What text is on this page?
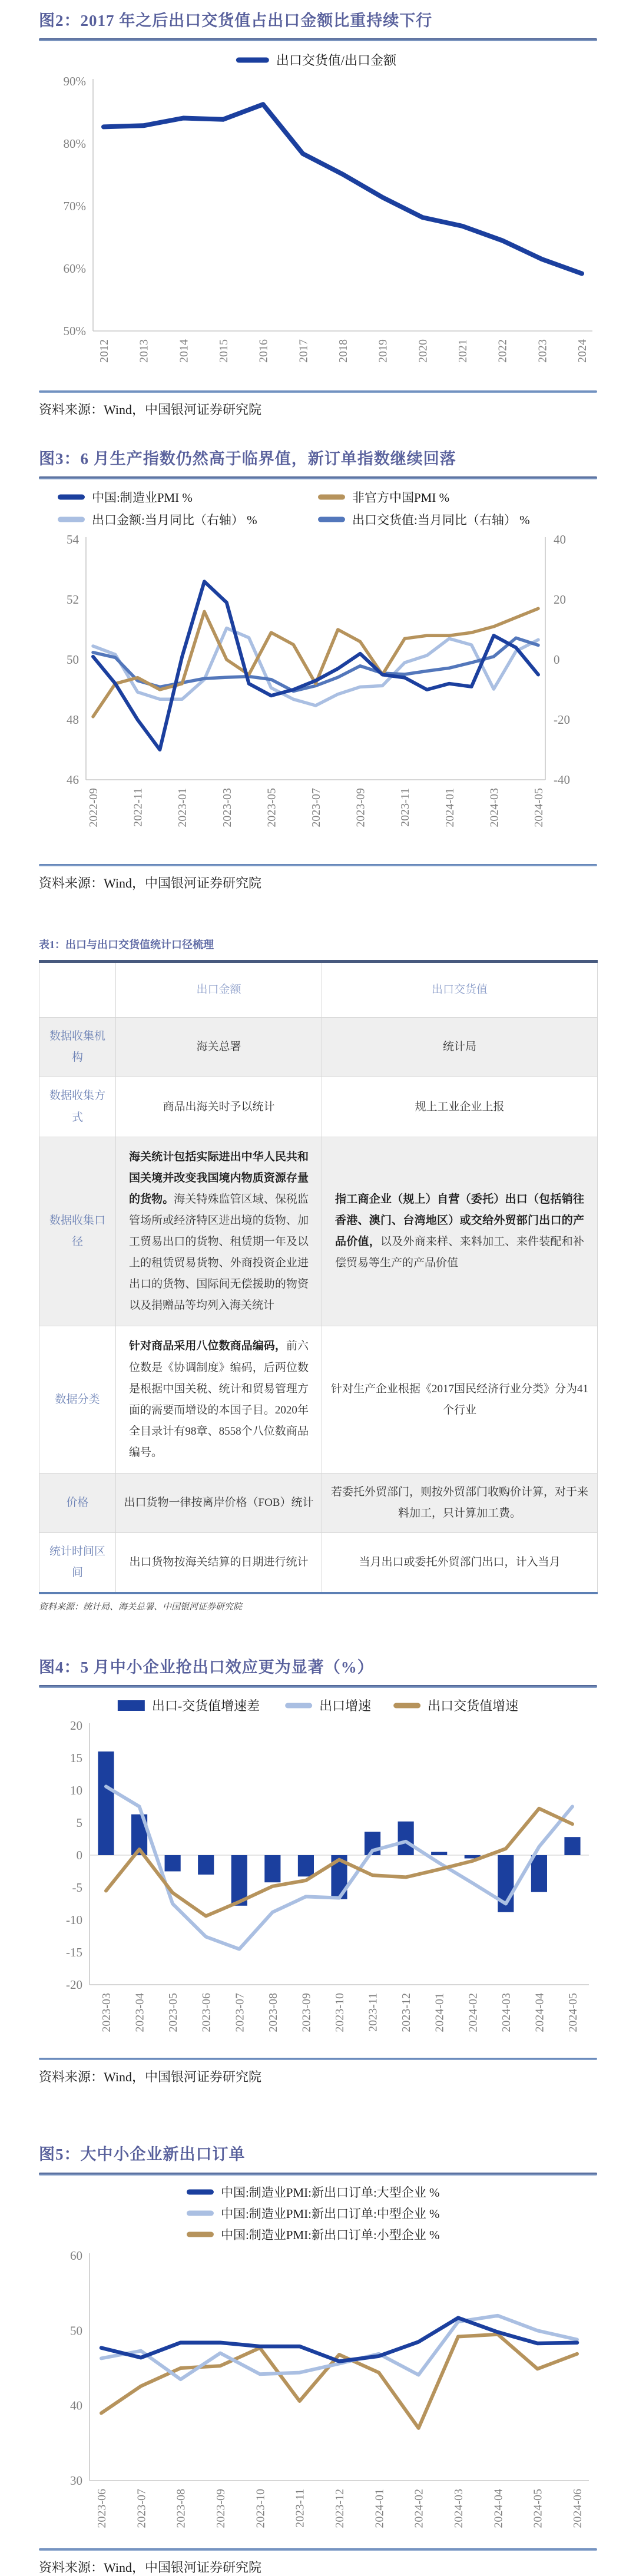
图2：2017 年之后出口交货值占出口金额比重持续下行
90%
80%
70%
60%
50%
2012 2013 2014 2015 2016 2017 2018 2019 2020 2021 2022 2023 2024
出口交货值/出口金额

资料来源：Wind，中国银河证券研究院

图3：6 月生产指数仍然高于临界值，新订单指数继续回落
54
52
50
48
46
40
20
0
-20
-40
2022-09	2022-11	2023-01	2023-03	2023-05	2023-07	2023-09	2023-11	2024-01	2024-03	2024-05
中国:制造业PMI %	非官方中国PMI %
出口金额:当月同比（右轴） %	出口交货值:当月同比（右轴） %

资料来源：Wind，中国银河证券研究院

表1：出口与出口交货值统计口径梳理
	出口金额	出口交货值
数据收集机构	海关总署	统计局
数据收集方式	商品出海关时予以统计	规上工业企业上报
数据收集口径	海关统计包括实际进出中华人民共和国关境并改变我国境内物质资源存量的货物。海关特殊监管区域、保税监管场所或经济特区进出境的货物、加工贸易出口的货物、租赁期一年及以上的租赁贸易货物、外商投资企业进出口的货物、国际间无偿援助的物资以及捐赠品等均列入海关统计	指工商企业（规上）自营（委托）出口（包括销往香港、澳门、台湾地区）或交给外贸部门出口的产品价值，以及外商来样、来料加工、来件装配和补偿贸易等生产的产品价值
数据分类	针对商品采用八位数商品编码，前六位数是《协调制度》编码，后两位数是根据中国关税、统计和贸易管理方面的需要而增设的本国子目。2020年全目录计有98章、8558个八位数商品编号。	针对生产企业根据《2017国民经济行业分类》分为41个行业
价格	出口货物一律按离岸价格（FOB）统计	若委托外贸部门，则按外贸部门收购价计算，对于来料加工，只计算加工费。
统计时间区间	出口货物按海关结算的日期进行统计	当月出口或委托外贸部门出口，计入当月

资料来源：统计局、海关总署、中国银河证券研究院

图4：5 月中小企业抢出口效应更为显著（%）
20
15
10
5
0
-5
-10
-15
-20
2023-03 2023-04 2023-05 2023-06 2023-07 2023-08 2023-09 2023-10 2023-11 2023-12 2024-01 2024-02 2024-03 2024-04 2024-05
出口-交货值增速差	出口增速	出口交货值增速

资料来源：Wind，中国银河证券研究院

图5：大中小企业新出口订单
60
50
40
30
2023-06 2023-07 2023-08 2023-09 2023-10 2023-11 2023-12 2024-01 2024-02 2024-03 2024-04 2024-05 2024-06
中国:制造业PMI:新出口订单:大型企业 %
中国:制造业PMI:新出口订单:中型企业 %
中国:制造业PMI:新出口订单:小型企业 %

资料来源：Wind，中国银河证券研究院
